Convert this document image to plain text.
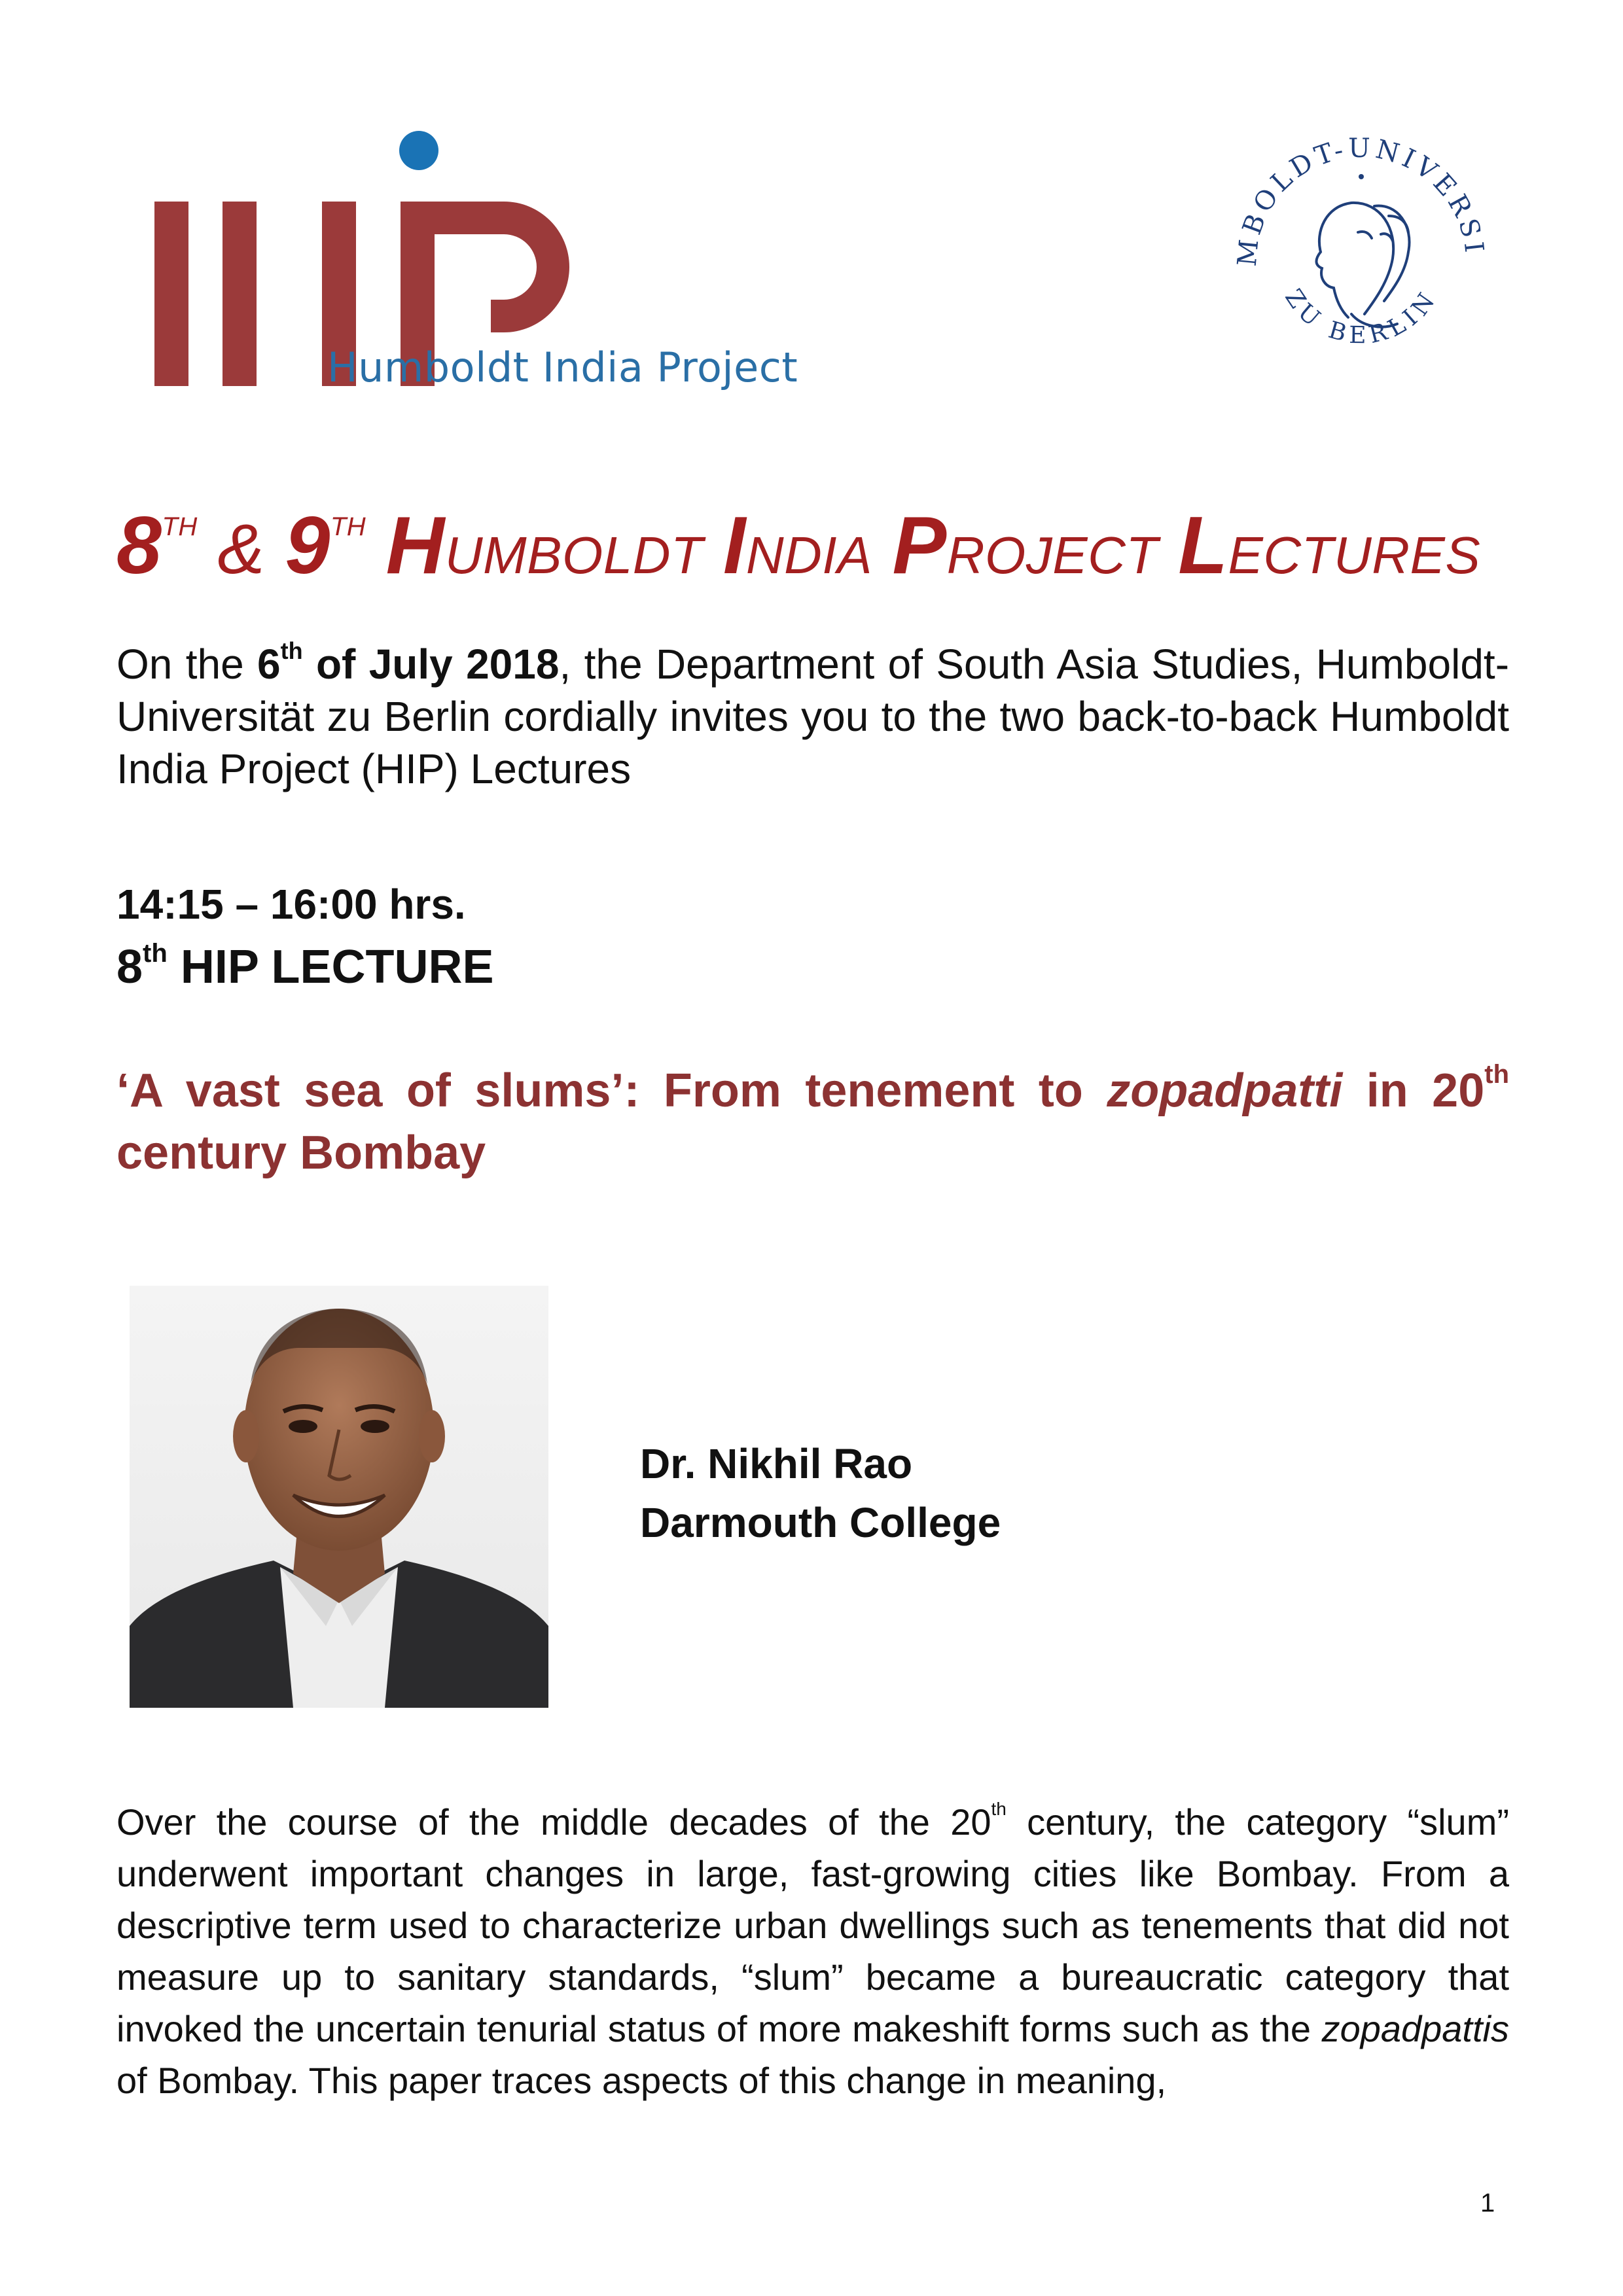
Humboldt India Project
MBOLDT-UNIVERSI
ZU BERLIN
8TH & 9TH HUMBOLDT INDIA PROJECT LECTURES
On the 6th of July 2018, the Department of South Asia Studies, Humboldt-Universität zu Berlin cordially invites you to the two back-to-back Humboldt India Project (HIP) Lectures
14:15 – 16:00 hrs.
8th HIP LECTURE
‘A vast sea of slums’: From tenement to zopadpatti in 20th century Bombay
Dr. Nikhil Rao
Darmouth College
Over the course of the middle decades of the 20th century, the category “slum” underwent important changes in large, fast-growing cities like Bombay. From a descriptive term used to characterize urban dwellings such as tenements that did not measure up to sanitary standards, “slum” became a bureaucratic category that invoked the uncertain tenurial status of more makeshift forms such as the zopadpattis of Bombay. This paper traces aspects of this change in meaning,
1
